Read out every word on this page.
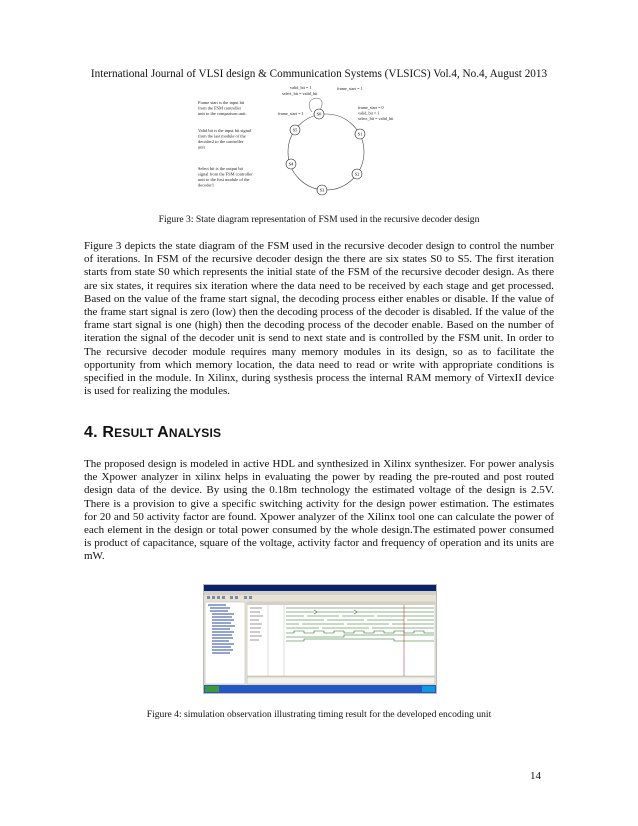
International Journal of VLSI design & Communication Systems (VLSICS) Vol.4, No.4, August 2013
Frame start is the input bit
from the FSM controller
unit to the comparison unit.
Valid bit is the input bit signal
from the last module of the
decoder2 to the controller
unit
Select bit is the output bit
signal from the FSM controller
unit to the first module of the
decoder1
S0
S1
S2
S3
S4
S5
valid_bit = 1
select_bit = valid_bit
frame_start = 1
frame_start = 1
frame_start = 0
valid_bit = 1
select_bit = valid_bit
Figure 3: State diagram representation of FSM used in the recursive decoder design

Figure 3 depicts the state diagram of the FSM used in the recursive decoder design to control the number of iterations. In FSM of the recursive decoder design the there are six states S0 to S5. The first iteration starts from state S0 which represents the initial state of the FSM of the recursive decoder design. As there are six states, it requires six iteration where the data need to be received by each stage and get processed. Based on the value of the frame start signal, the decoding process either enables or disable. If the value of the frame start signal is zero (low) then the decoding process of the decoder is disabled. If the value of the frame start signal is one (high) then the decoding process of the decoder enable. Based on the number of iteration the signal of the decoder unit is send to next state and is controlled by the FSM unit. In order to The recursive decoder module requires many memory modules in its design, so as to facilitate the opportunity from which memory location, the data need to read or write with appropriate conditions is specified in the module. In Xilinx, during systhesis process the internal RAM memory of VirtexII device is used for realizing the modules.

4. RESULT ANALYSIS

The proposed design is modeled in active HDL and synthesized in Xilinx synthesizer. For power analysis the Xpower analyzer in xilinx helps in evaluating the power by reading the pre-routed and post routed design data of the device. By using the 0.18m technology the estimated voltage of the design is 2.5V. There is a provision to give a specific switching activity for the design power estimation. The estimates for 20 and 50 activity factor are found. Xpower analyzer of the Xilinx tool one can calculate the power of each element in the design or total power consumed by the whole design.The estimated power consumed is product of capacitance, square of the voltage, activity factor and frequency of operation and its units are mW.

Figure 4: simulation observation illustrating timing result for the developed encoding unit
14
